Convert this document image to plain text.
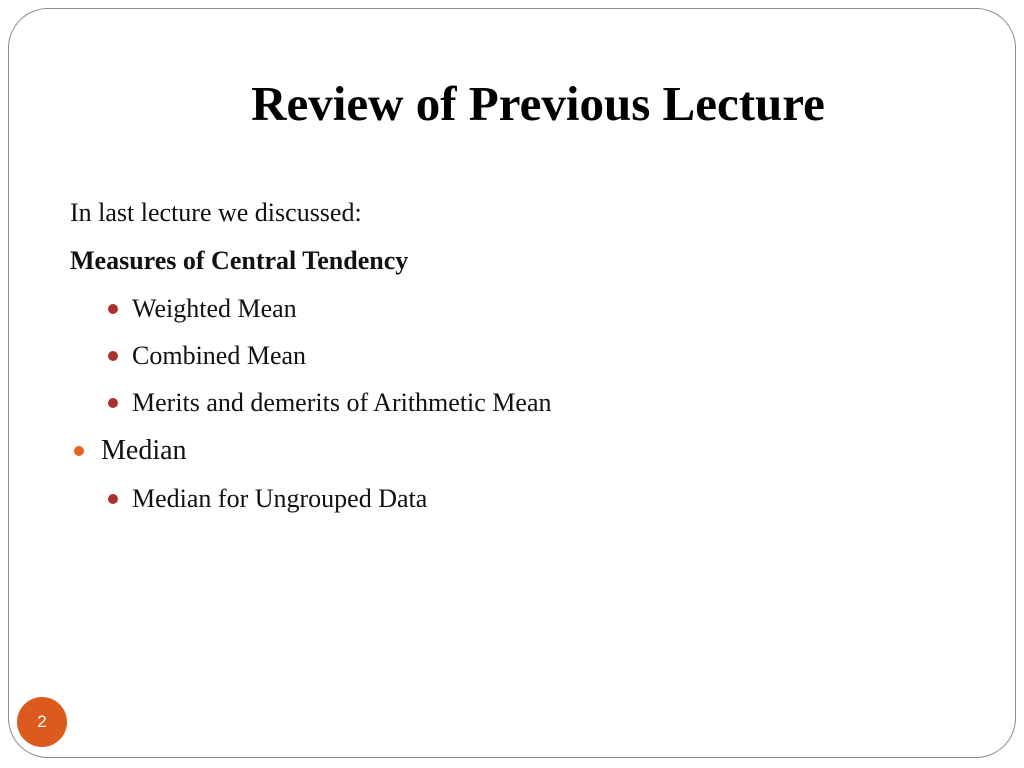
Review of Previous Lecture
In last lecture we discussed:
Measures of Central Tendency
Weighted Mean
Combined Mean
Merits and demerits of Arithmetic Mean
Median
Median for Ungrouped Data
2
